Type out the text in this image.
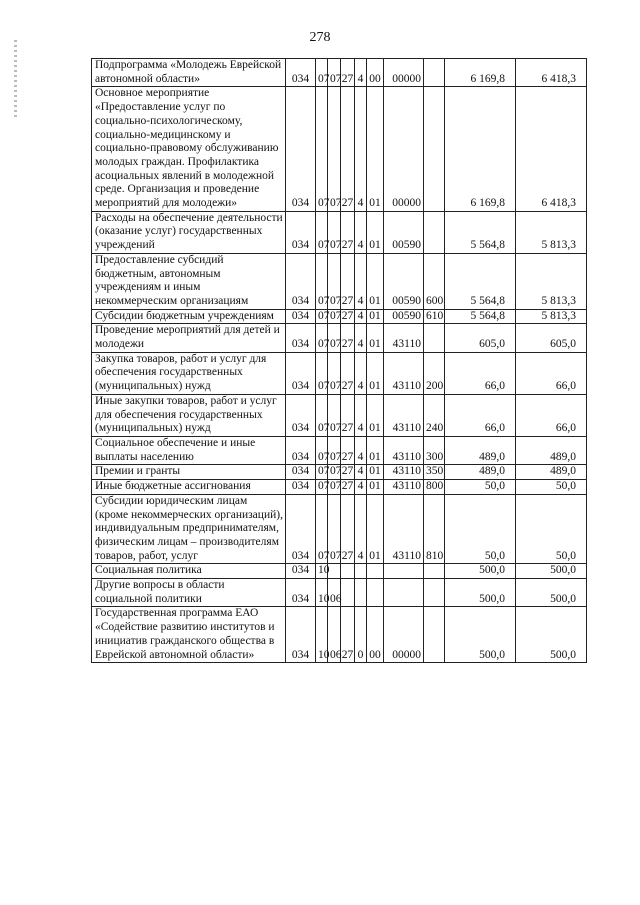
278
Подпрограмма «Молодежь Еврейской автономной области»	034	07	07	27	4	00	00000		6 169,8	6 418,3
Основное мероприятие «Предоставление услуг по социально-психологическому, социально-медицинскому и социально-правовому обслуживанию молодых граждан. Профилактика асоциальных явлений в молодежной среде. Организация и проведение мероприятий для молодежи»	034	07	07	27	4	01	00000		6 169,8	6 418,3
Расходы на обеспечение деятельности (оказание услуг) государственных учреждений	034	07	07	27	4	01	00590		5 564,8	5 813,3
Предоставление субсидий бюджетным, автономным учреждениям и иным некоммерческим организациям	034	07	07	27	4	01	00590	600	5 564,8	5 813,3
Субсидии бюджетным учреждениям	034	07	07	27	4	01	00590	610	5 564,8	5 813,3
Проведение мероприятий для детей и молодежи	034	07	07	27	4	01	43110		605,0	605,0
Закупка товаров, работ и услуг для обеспечения государственных (муниципальных) нужд	034	07	07	27	4	01	43110	200	66,0	66,0
Иные закупки товаров, работ и услуг для обеспечения государственных (муниципальных) нужд	034	07	07	27	4	01	43110	240	66,0	66,0
Социальное обеспечение и иные выплаты населению	034	07	07	27	4	01	43110	300	489,0	489,0
Премии и гранты	034	07	07	27	4	01	43110	350	489,0	489,0
Иные бюджетные ассигнования	034	07	07	27	4	01	43110	800	50,0	50,0
Субсидии юридическим лицам (кроме некоммерческих организаций), индивидуальным предпринимателям, физическим лицам – производителям товаров, работ, услуг	034	07	07	27	4	01	43110	810	50,0	50,0
Социальная политика	034	10							500,0	500,0
Другие вопросы в области социальной политики	034	10	06						500,0	500,0
Государственная программа ЕАО «Содействие развитию институтов и инициатив гражданского общества в Еврейской автономной области»	034	10	06	27	0	00	00000		500,0	500,0
